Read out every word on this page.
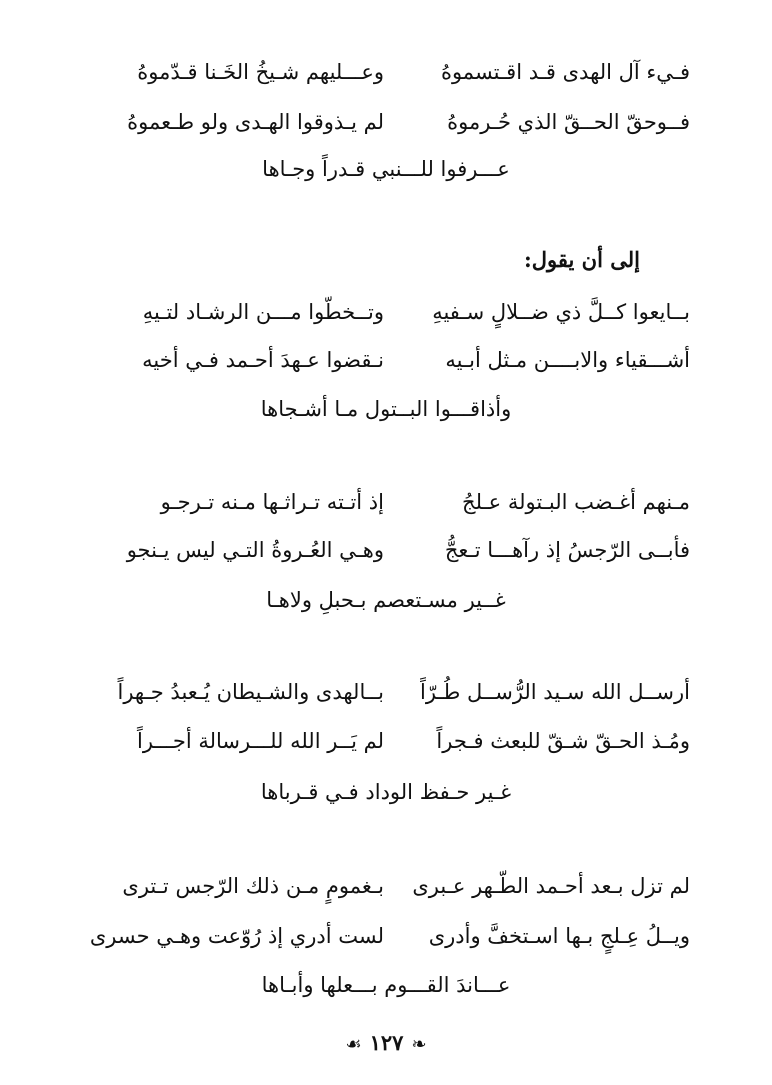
فـيء آل الهدى قـد اقـتسموهُ
وعـــليهم شـيخُ الخَـنا قـدّموهُ
فــوحقّ الحــقّ الذي حُـرموهُ
لم يـذوقوا الهـدى ولو طـعموهُ
عـــرفوا للـــنبي قـدراً وجـاها
إلى أن يقول:
بــايعوا كــلَّ ذي ضــلالٍ سـفيهِ
وتــخطّوا مـــن الرشـاد لتـيهِ
أشـــقياء والابــــن مـثل أبـيه
نـقضوا عـهدَ أحـمد فـي أخيه
وأذاقـــوا البــتول مـا أشـجاها
مـنهم أغـضب البـتولة عـلجُ
إذ أتـته تـراثـها مـنه تـرجـو
فأبــى الرّجسُ إذ رآهـــا تـعجُّ
وهـي العُـروةُ التـي ليس يـنجو
غــير مسـتعصم بـحبلِ ولاهـا
أرســل الله سـيد الرُّســل طُـرّاً
بــالهدى والشـيطان يُـعبدُ جـهراً
ومُـذ الحـقّ شـقّ للبعث فـجراً
لم يَــر الله للـــرسالة أجـــراً
غـير حـفظ الوداد فـي قـرباها
لم تزل بـعد أحـمد الطّـهر عـبرى
بـغمومٍ مـن ذلك الرّجس تـترى
ويــلُ عِـلجٍ بـها اسـتخفَّ وأدرى
لست أدري إذ رُوّعت وهـي حسرى
عـــاندَ القـــوم بـــعلها وأبـاها
☙ ١٢٧ ❧
